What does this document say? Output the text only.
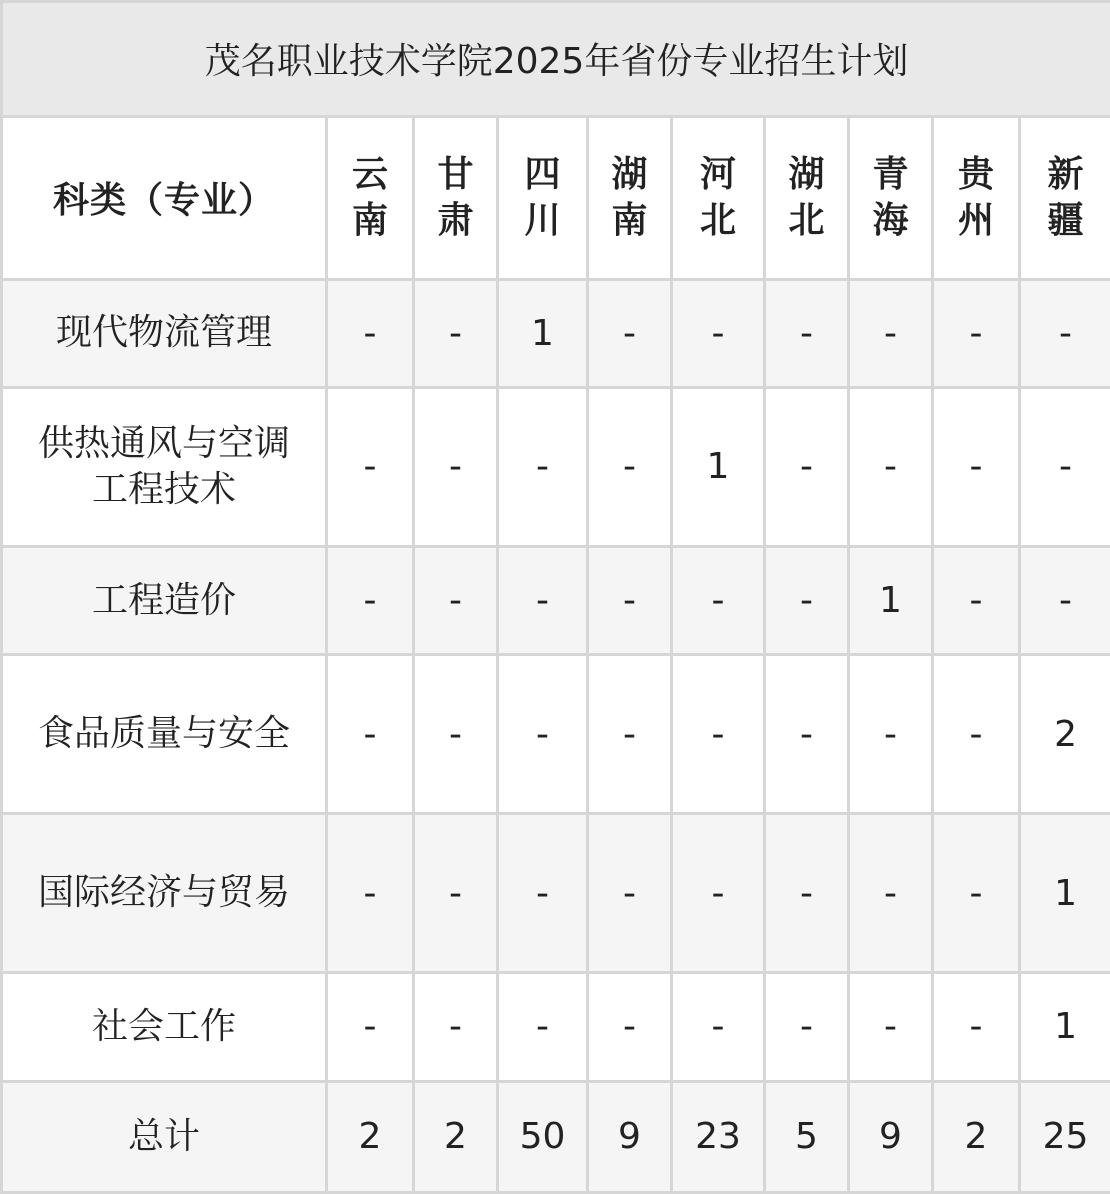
茂名职业技术学院2025年省份专业招生计划									
科类（专业）	云南	甘肃	四川	湖南	河北	湖北	青海	贵州	新疆
现代物流管理	-	-	1	-	-	-	-	-	-
供热通风与空调工程技术	-	-	-	-	1	-	-	-	-
工程造价	-	-	-	-	-	-	1	-	-
食品质量与安全	-	-	-	-	-	-	-	-	2
国际经济与贸易	-	-	-	-	-	-	-	-	1
社会工作	-	-	-	-	-	-	-	-	1
总计	2	2	50	9	23	5	9	2	25
